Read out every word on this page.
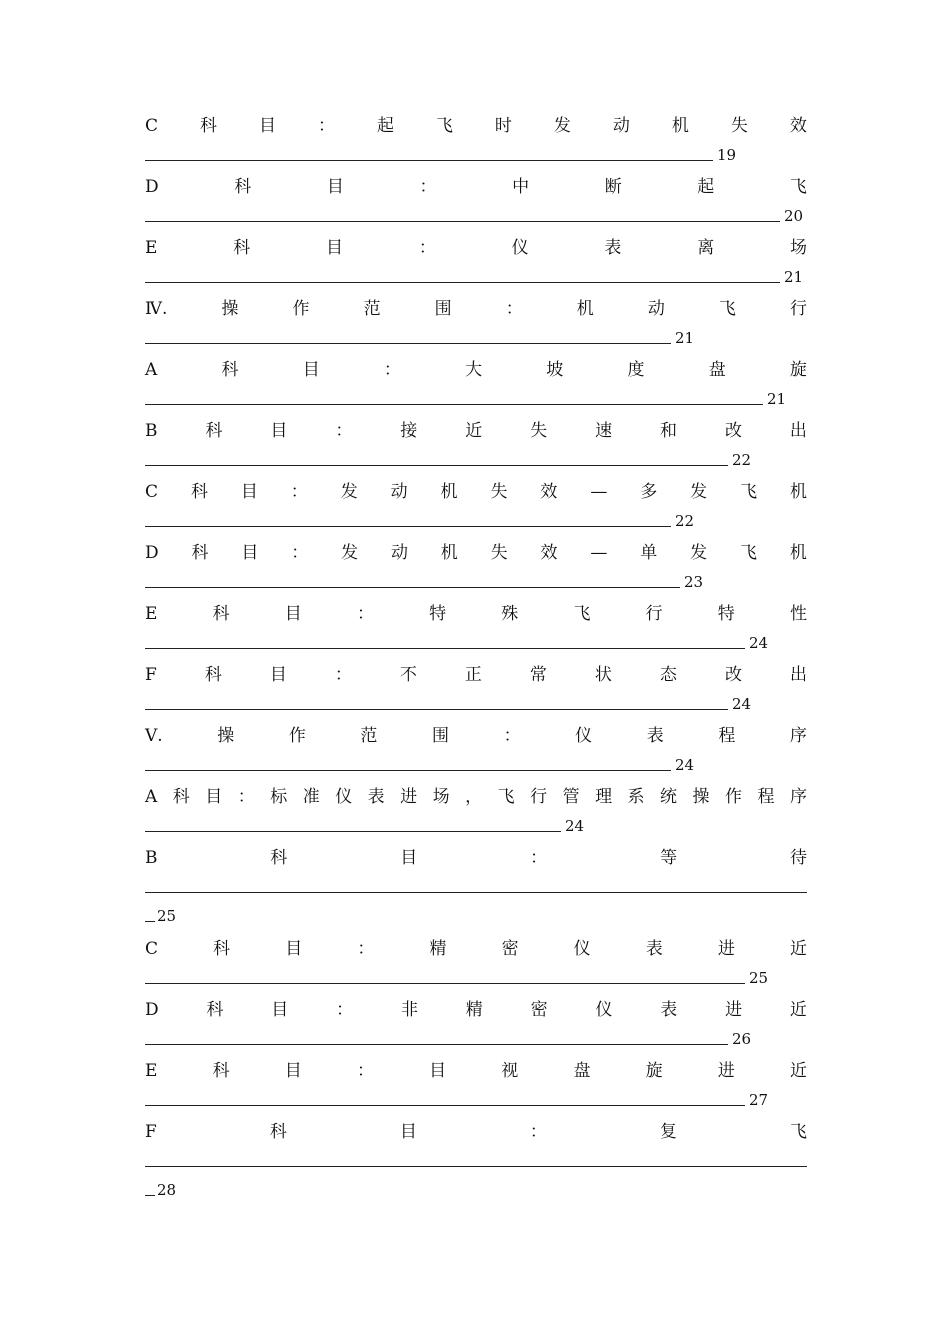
C 科 目 ： 起 飞 时 发 动 机 失 效
19
D	科	目	：	中	断	起	飞
20
E	科	目	：	仪	表	离	场
21
Ⅳ.	操	作	范	围	：	机	动	飞	行
21
A	科	目	：	大	坡	度	盘	旋
21
B	科	目	：	接	近	失	速	和	改	出
22
C 科 目 ： 发 动 机 失 效 — 多 发 飞 机
22
D 科 目 ： 发 动 机 失 效 — 单 发 飞 机
23
E	科	目	：	特	殊	飞	行	特	性
24
F	科	目	：	不	正	常	状	态	改	出
24
Ⅴ.	操	作	范	围	：	仪	表	程	序
24
A 科 目 ： 标 准 仪 表 进 场 ， 飞 行 管 理 系 统 操 作 程 序
24
B	科	目	：	等	待
25
C	科	目	：	精	密	仪	表	进	近
25
D	科	目	：	非	精	密	仪	表	进	近
26
E	科	目	：	目	视	盘	旋	进	近
27
F	科	目	：	复	飞
28
